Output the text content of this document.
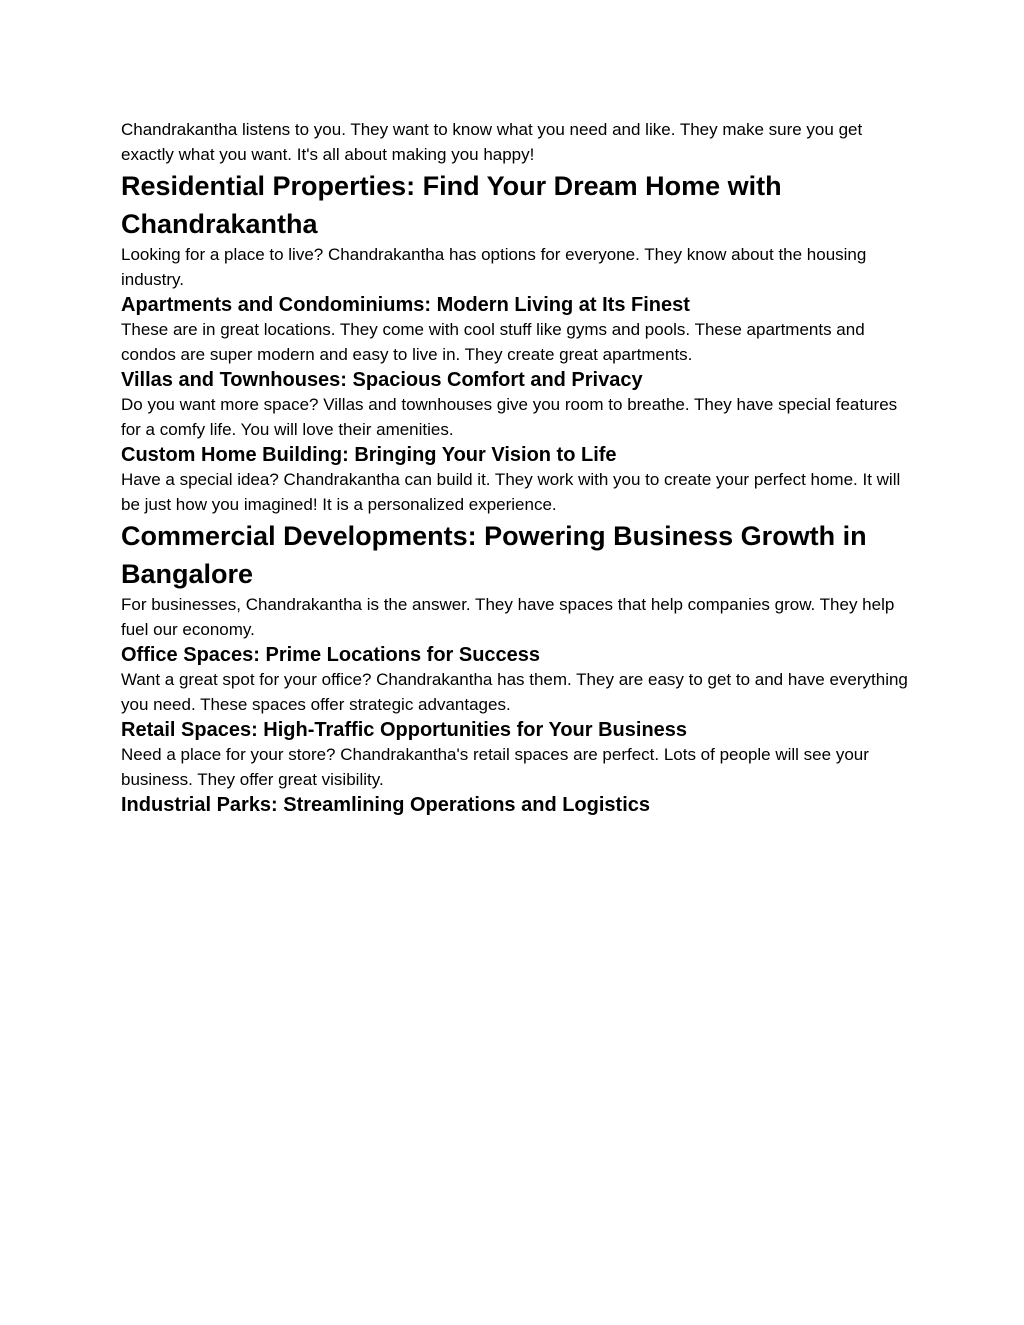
Chandrakantha listens to you. They want to know what you need and like. They make sure you get exactly what you want. It's all about making you happy!

Residential Properties: Find Your Dream Home with Chandrakantha

Looking for a place to live? Chandrakantha has options for everyone. They know about the housing industry.

Apartments and Condominiums: Modern Living at Its Finest

These are in great locations. They come with cool stuff like gyms and pools. These apartments and condos are super modern and easy to live in. They create great apartments.

Villas and Townhouses: Spacious Comfort and Privacy

Do you want more space? Villas and townhouses give you room to breathe. They have special features for a comfy life. You will love their amenities.

Custom Home Building: Bringing Your Vision to Life

Have a special idea? Chandrakantha can build it. They work with you to create your perfect home. It will be just how you imagined! It is a personalized experience.

Commercial Developments: Powering Business Growth in Bangalore

For businesses, Chandrakantha is the answer. They have spaces that help companies grow. They help fuel our economy.

Office Spaces: Prime Locations for Success

Want a great spot for your office? Chandrakantha has them. They are easy to get to and have everything you need. These spaces offer strategic advantages.

Retail Spaces: High-Traffic Opportunities for Your Business

Need a place for your store? Chandrakantha's retail spaces are perfect. Lots of people will see your business. They offer great visibility.

Industrial Parks: Streamlining Operations and Logistics
